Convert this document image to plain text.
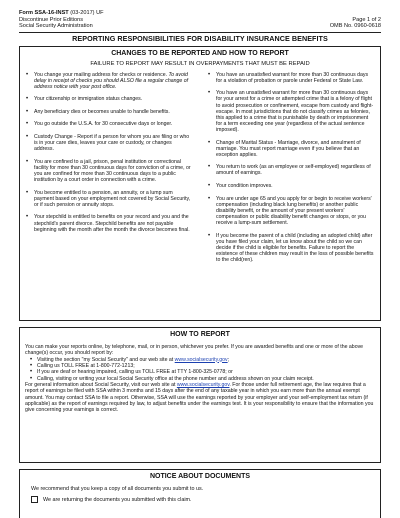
Form SSA-16-INST (03-2017) UF
Discontinue Prior Editions
Social Security Administration

Page 1 of 2
OMB No. 0960-0618
REPORTING RESPONSIBILITIES FOR DISABILITY INSURANCE BENEFITS
CHANGES TO BE REPORTED AND HOW TO REPORT
FAILURE TO REPORT MAY RESULT IN OVERPAYMENTS THAT MUST BE REPAID
• You change your mailing address for checks or residence. To avoid delay in receipt of checks you should ALSO file a regular change of address notice with your post office.
• Your citizenship or immigration status changes.
• Any beneficiary dies or becomes unable to handle benefits.
• You go outside the U.S.A. for 30 consecutive days or longer.
• Custody Change - Report if a person for whom you are filing or who is in your care dies, leaves your care or custody, or changes address.
• You are confined to a jail, prison, penal institution or correctional facility for more than 30 continuous days for conviction of a crime, or you are confined for more than 30 continuous days to a public institution by a court order in connection with a crime.
• You become entitled to a pension, an annuity, or a lump sum payment based on your employment not covered by Social Security, or if such pension or annuity stops.
• Your stepchild is entitled to benefits on your record and you and the stepchild's parent divorce. Stepchild benefits are not payable beginning with the month after the month the divorce becomes final.
• You have an unsatisfied warrant for more than 30 continuous days for a violation of probation or parole under Federal or State Law.
• You have an unsatisfied warrant for more than 30 continuous days for your arrest for a crime or attempted crime that is a felony of flight to avoid prosecution or confinement, escape from custody and flight-escape. In most jurisdictions that do not classify crimes as felonies, this applied to a crime that is punishable by death or imprisonment for a term exceeding one year (regardless of the actual sentence imposed).
• Change of Marital Status - Marriage, divorce, and annulment of marriage. You must report marriage even if you believe that an exception applies.
• You return to work (as an employee or self-employed) regardless of amount of earnings.
• Your condition improves.
• You are under age 65 and you apply for or begin to receive workers' compensation (including black lung benefits) or another public disability benefit, or the amount of your present workers' compensation or public disability benefit changes or stops, or you receive a lump-sum settlement.
• If you become the parent of a child (including an adopted child) after you have filed your claim, let us know about the child so we can decide if the child is eligible for benefits. Failure to report the existence of these children may result in the loss of possible benefits to the child(ren).
HOW TO REPORT
You can make your reports online, by telephone, mail, or in person, whichever you prefer. If you are awarded benefits and one or more of the above change(s) occur, you should report by:
• Visiting the section "my Social Security" and our web site at www.socialsecurity.gov;
• Calling us TOLL FREE at 1-800-772-1213;
• If you are deaf or hearing impaired, calling us TOLL FREE at TTY 1-800-325-0778; or
• Calling, visiting or writing your local Social Security office at the phone number and address shown on your claim receipt.
For general information about Social Security, visit our web site at www.socialsecurity.gov. For those under full retirement age, the law requires that a report of earnings be filed with SSA within 3 months and 15 days after the end of any taxable year in which you earn more than the annual exempt amount. You may contact SSA to file a report. Otherwise, SSA will use the earnings reported by your employer and your self-employment tax return (if applicable) as the report of earnings required by law, to adjust benefits under the earnings test. It is your responsibility to ensure that the information you give concerning your earnings is correct.
NOTICE ABOUT DOCUMENTS
We recommend that you keep a copy of all documents you submit to us.
We are returning the documents you submitted with this claim.
